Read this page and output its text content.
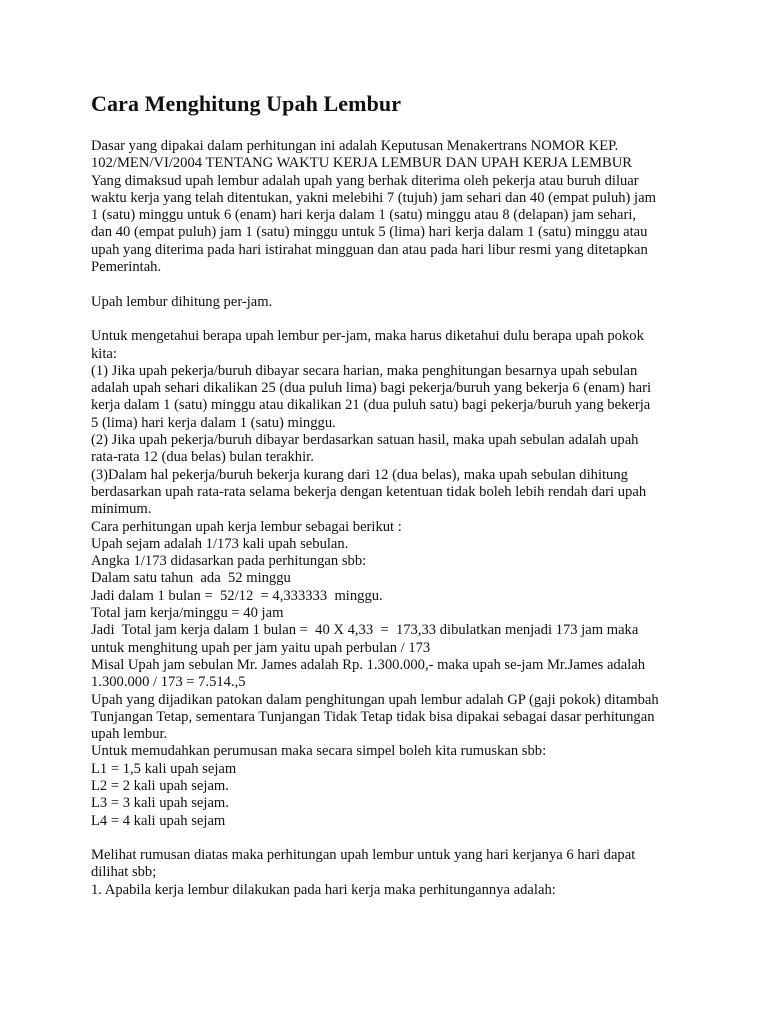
Cara Menghitung Upah Lembur
Dasar yang dipakai dalam perhitungan ini adalah Keputusan Menakertrans NOMOR KEP.
102/MEN/VI/2004 TENTANG WAKTU KERJA LEMBUR DAN UPAH KERJA LEMBUR
Yang dimaksud upah lembur adalah upah yang berhak diterima oleh pekerja atau buruh diluar
waktu kerja yang telah ditentukan, yakni melebihi 7 (tujuh) jam sehari dan 40 (empat puluh) jam
1 (satu) minggu untuk 6 (enam) hari kerja dalam 1 (satu) minggu atau 8 (delapan) jam sehari,
dan 40 (empat puluh) jam 1 (satu) minggu untuk 5 (lima) hari kerja dalam 1 (satu) minggu atau
upah yang diterima pada hari istirahat mingguan dan atau pada hari libur resmi yang ditetapkan
Pemerintah.
Upah lembur dihitung per-jam.
Untuk mengetahui berapa upah lembur per-jam, maka harus diketahui dulu berapa upah pokok
kita:
(1) Jika upah pekerja/buruh dibayar secara harian, maka penghitungan besarnya upah sebulan
adalah upah sehari dikalikan 25 (dua puluh lima) bagi pekerja/buruh yang bekerja 6 (enam) hari
kerja dalam 1 (satu) minggu atau dikalikan 21 (dua puluh satu) bagi pekerja/buruh yang bekerja
5 (lima) hari kerja dalam 1 (satu) minggu.
(2) Jika upah pekerja/buruh dibayar berdasarkan satuan hasil, maka upah sebulan adalah upah
rata-rata 12 (dua belas) bulan terakhir.
(3)Dalam hal pekerja/buruh bekerja kurang dari 12 (dua belas), maka upah sebulan dihitung
berdasarkan upah rata-rata selama bekerja dengan ketentuan tidak boleh lebih rendah dari upah
minimum.
Cara perhitungan upah kerja lembur sebagai berikut :
Upah sejam adalah 1/173 kali upah sebulan.
Angka 1/173 didasarkan pada perhitungan sbb:
Dalam satu tahun  ada  52 minggu
Jadi dalam 1 bulan =  52/12  = 4,333333  minggu.
Total jam kerja/minggu = 40 jam
Jadi  Total jam kerja dalam 1 bulan =  40 X 4,33  =  173,33 dibulatkan menjadi 173 jam maka
untuk menghitung upah per jam yaitu upah perbulan / 173
Misal Upah jam sebulan Mr. James adalah Rp. 1.300.000,- maka upah se-jam Mr.James adalah
1.300.000 / 173 = 7.514.,5
Upah yang dijadikan patokan dalam penghitungan upah lembur adalah GP (gaji pokok) ditambah
Tunjangan Tetap, sementara Tunjangan Tidak Tetap tidak bisa dipakai sebagai dasar perhitungan
upah lembur.
Untuk memudahkan perumusan maka secara simpel boleh kita rumuskan sbb:
L1 = 1,5 kali upah sejam
L2 = 2 kali upah sejam.
L3 = 3 kali upah sejam.
L4 = 4 kali upah sejam
Melihat rumusan diatas maka perhitungan upah lembur untuk yang hari kerjanya 6 hari dapat
dilihat sbb;
1. Apabila kerja lembur dilakukan pada hari kerja maka perhitungannya adalah:
